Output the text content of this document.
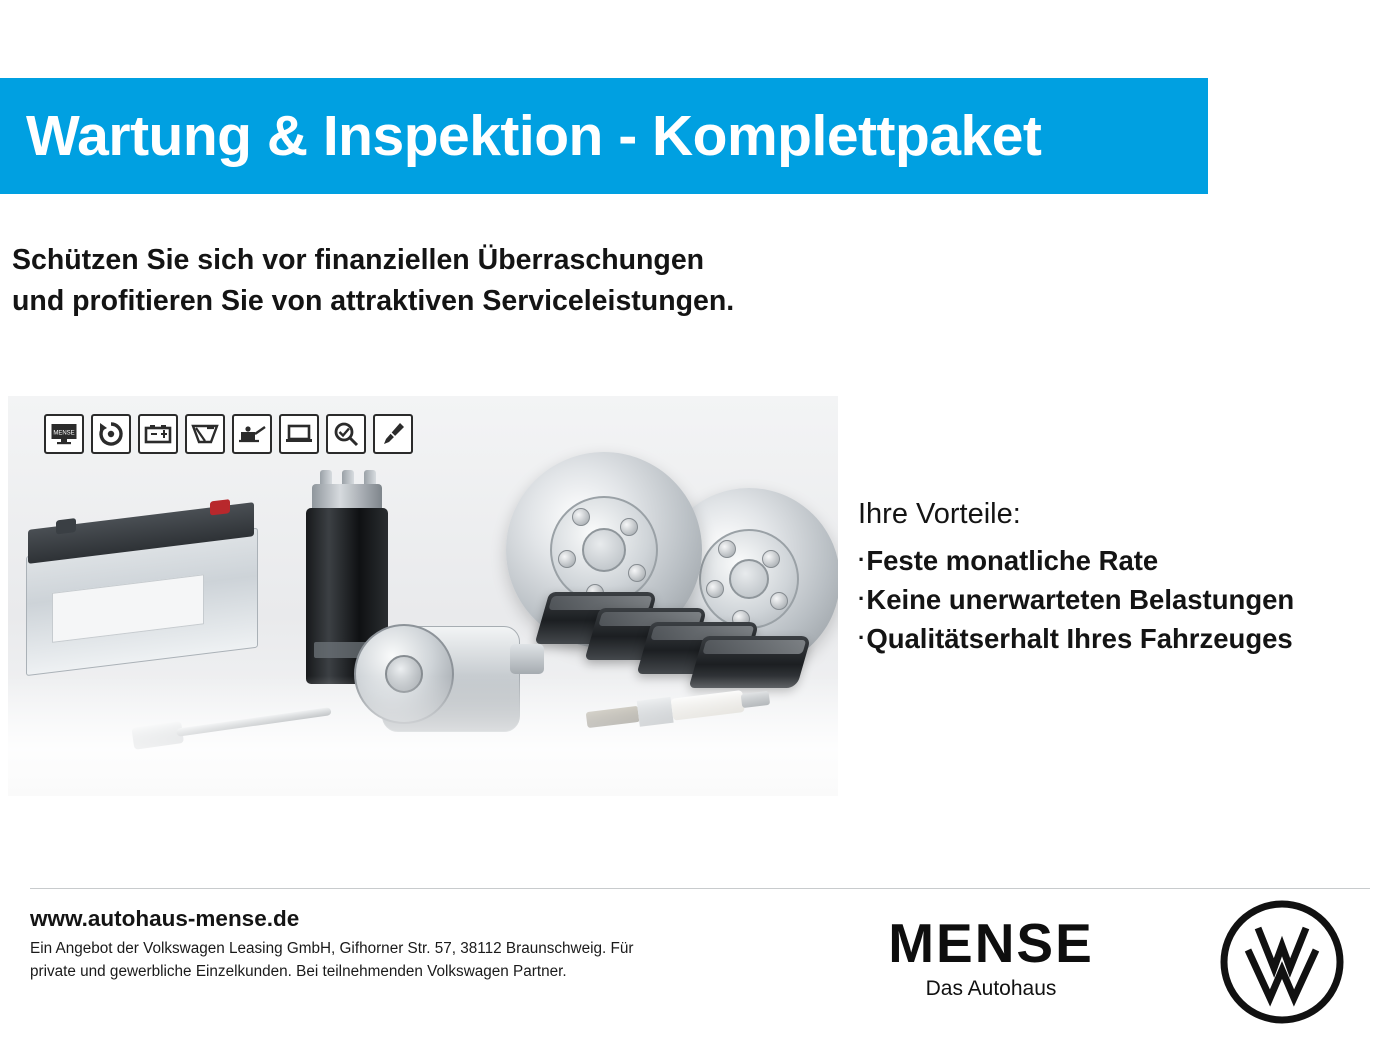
Wartung & Inspektion - Komplettpaket
Schützen Sie sich vor finanziellen Überraschungen
und profitieren Sie von attraktiven Serviceleistungen.
MENSE
Ihre Vorteile:
·Feste monatliche Rate
·Keine unerwarteten Belastungen
·Qualitätserhalt Ihres Fahrzeuges
www.autohaus-mense.de
Ein Angebot der Volkswagen Leasing GmbH, Gifhorner Str. 57, 38112 Braunschweig. Für
private und gewerbliche Einzelkunden. Bei teilnehmenden Volkswagen Partner.	MENSE
Das Autohaus
